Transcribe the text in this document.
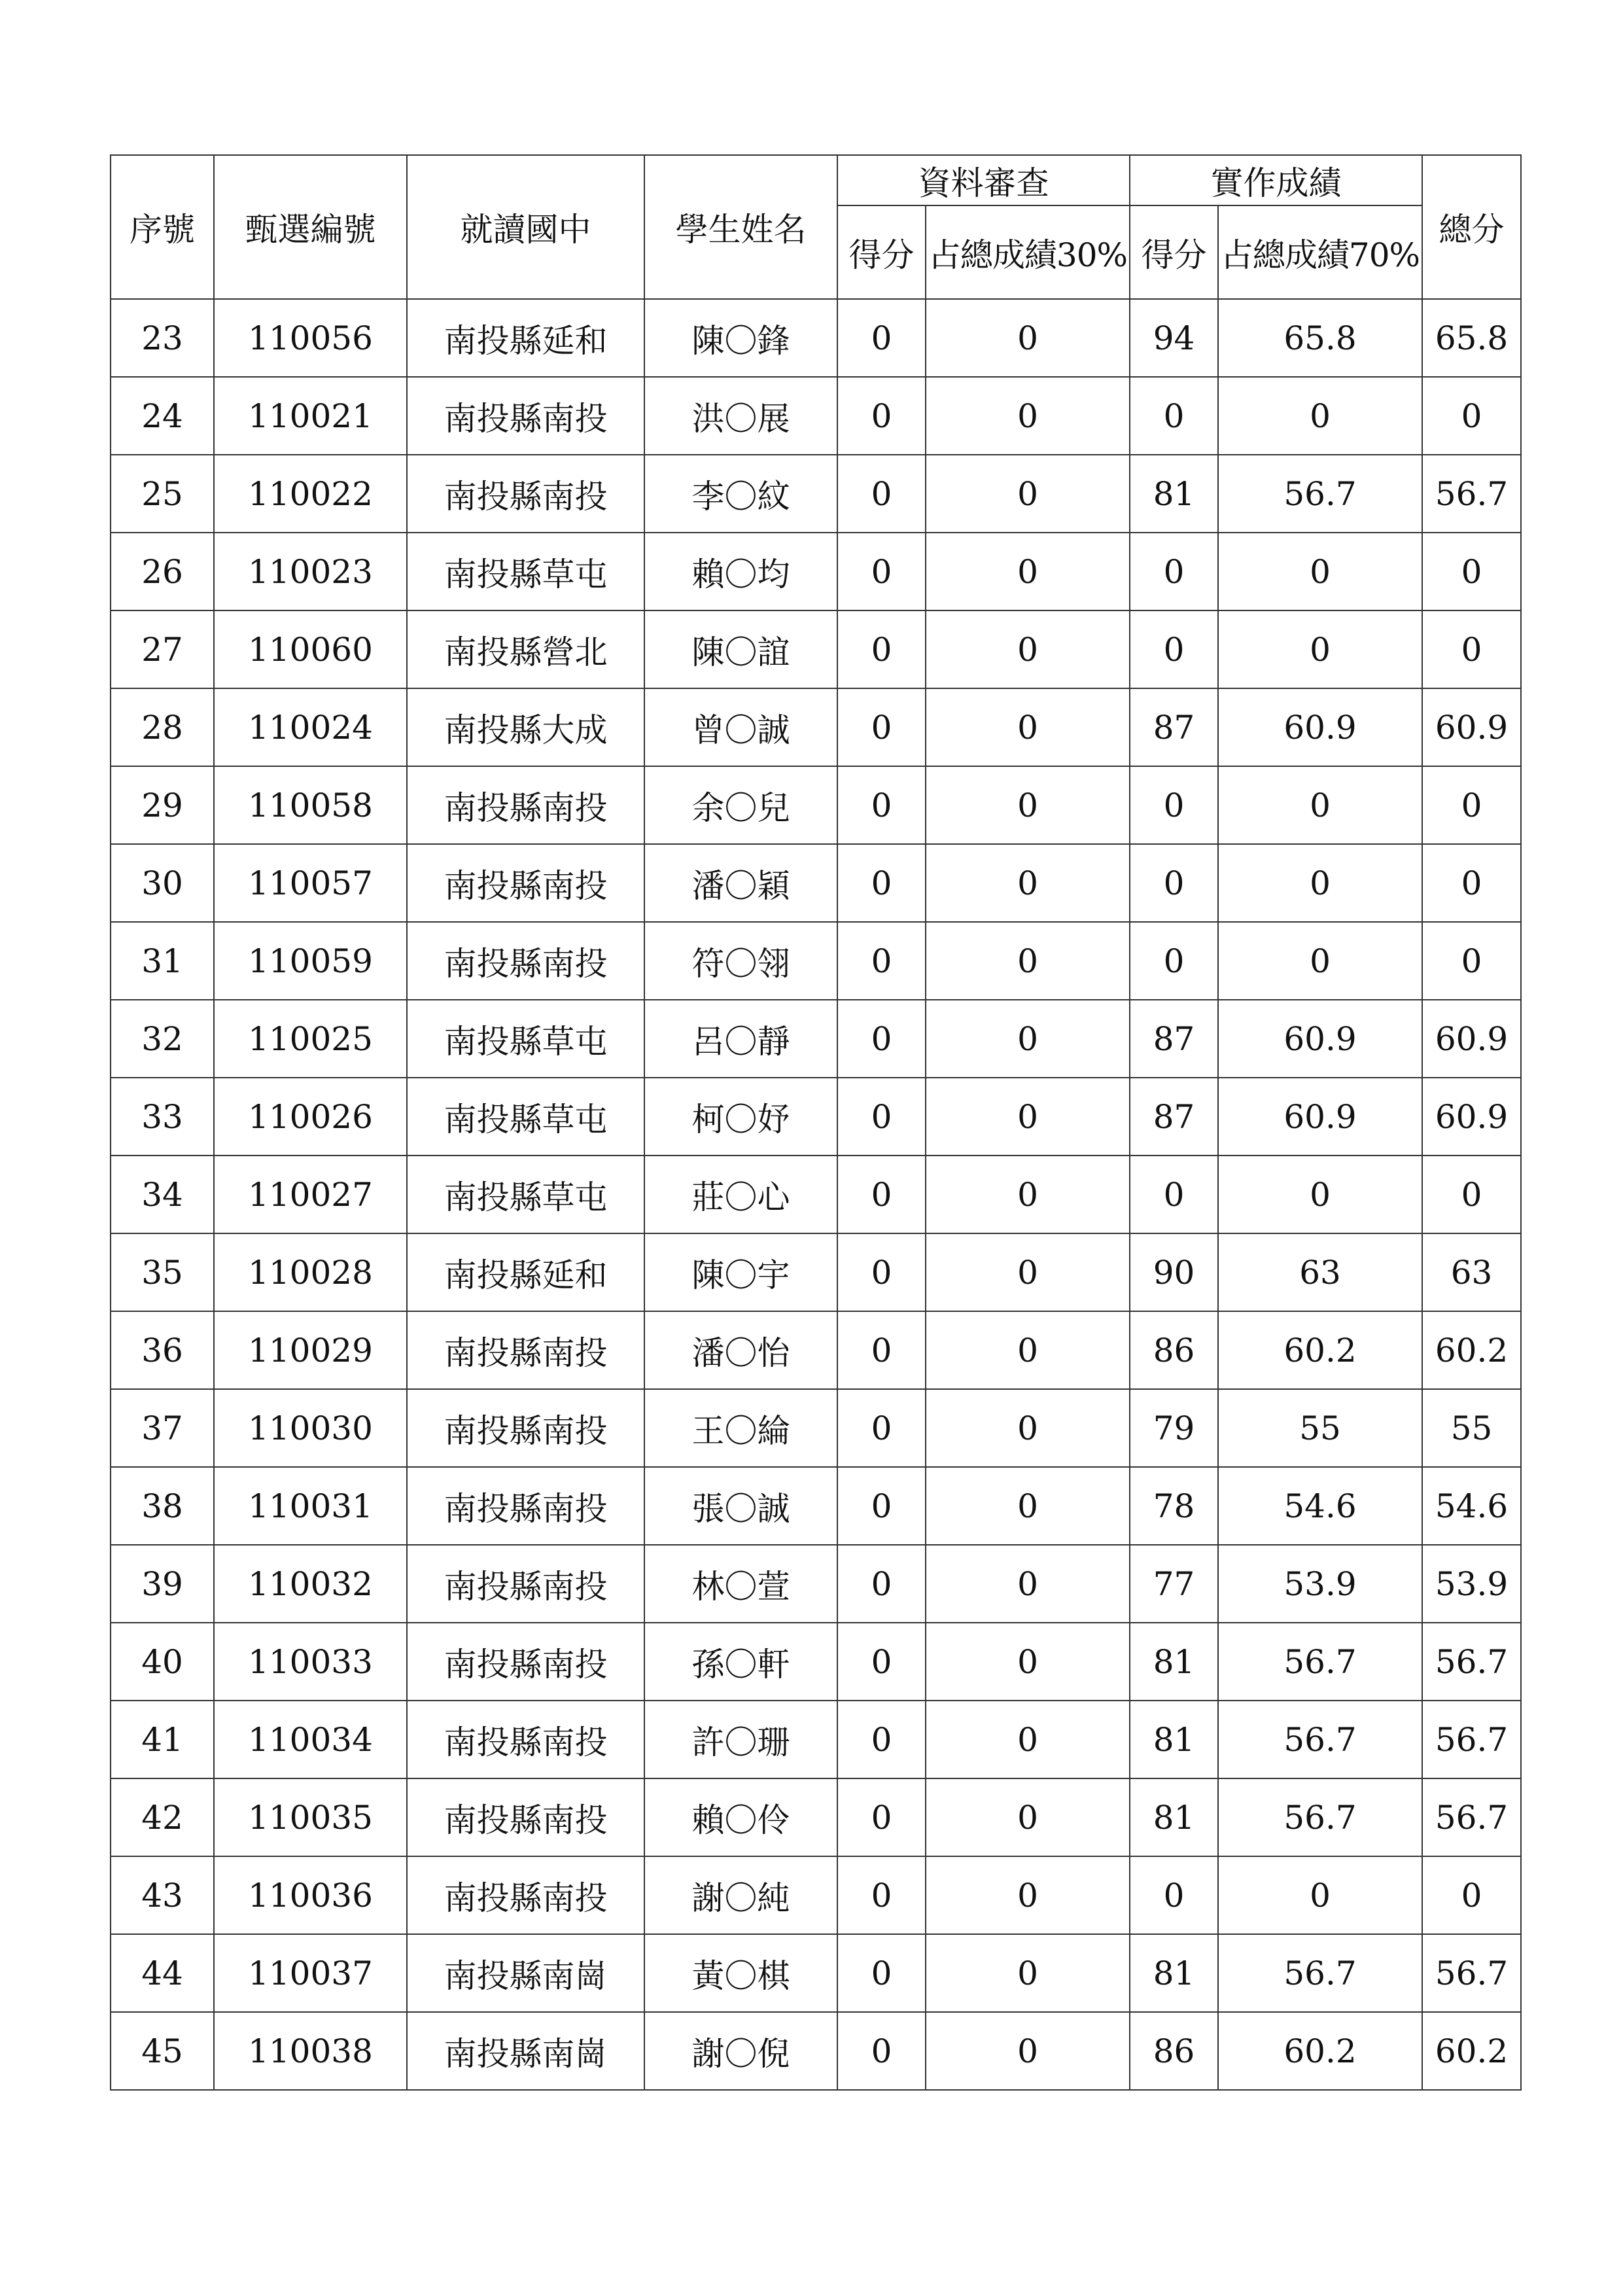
序號	甄選編號	就讀國中	學生姓名	資料審查		實作成績		總分
				得分	占總成績30%	得分	占總成績70%	
23	110056	南投縣延和	陳〇鋒	0	0	94	65.8	65.8
24	110021	南投縣南投	洪〇展	0	0	0	0	0
25	110022	南投縣南投	李〇紋	0	0	81	56.7	56.7
26	110023	南投縣草屯	賴〇均	0	0	0	0	0
27	110060	南投縣營北	陳〇誼	0	0	0	0	0
28	110024	南投縣大成	曾〇誠	0	0	87	60.9	60.9
29	110058	南投縣南投	余〇兒	0	0	0	0	0
30	110057	南投縣南投	潘〇穎	0	0	0	0	0
31	110059	南投縣南投	符〇翎	0	0	0	0	0
32	110025	南投縣草屯	呂〇靜	0	0	87	60.9	60.9
33	110026	南投縣草屯	柯〇妤	0	0	87	60.9	60.9
34	110027	南投縣草屯	莊〇心	0	0	0	0	0
35	110028	南投縣延和	陳〇宇	0	0	90	63	63
36	110029	南投縣南投	潘〇怡	0	0	86	60.2	60.2
37	110030	南投縣南投	王〇綸	0	0	79	55	55
38	110031	南投縣南投	張〇誠	0	0	78	54.6	54.6
39	110032	南投縣南投	林〇萱	0	0	77	53.9	53.9
40	110033	南投縣南投	孫〇軒	0	0	81	56.7	56.7
41	110034	南投縣南投	許〇珊	0	0	81	56.7	56.7
42	110035	南投縣南投	賴〇伶	0	0	81	56.7	56.7
43	110036	南投縣南投	謝〇純	0	0	0	0	0
44	110037	南投縣南崗	黃〇棋	0	0	81	56.7	56.7
45	110038	南投縣南崗	謝〇倪	0	0	86	60.2	60.2
